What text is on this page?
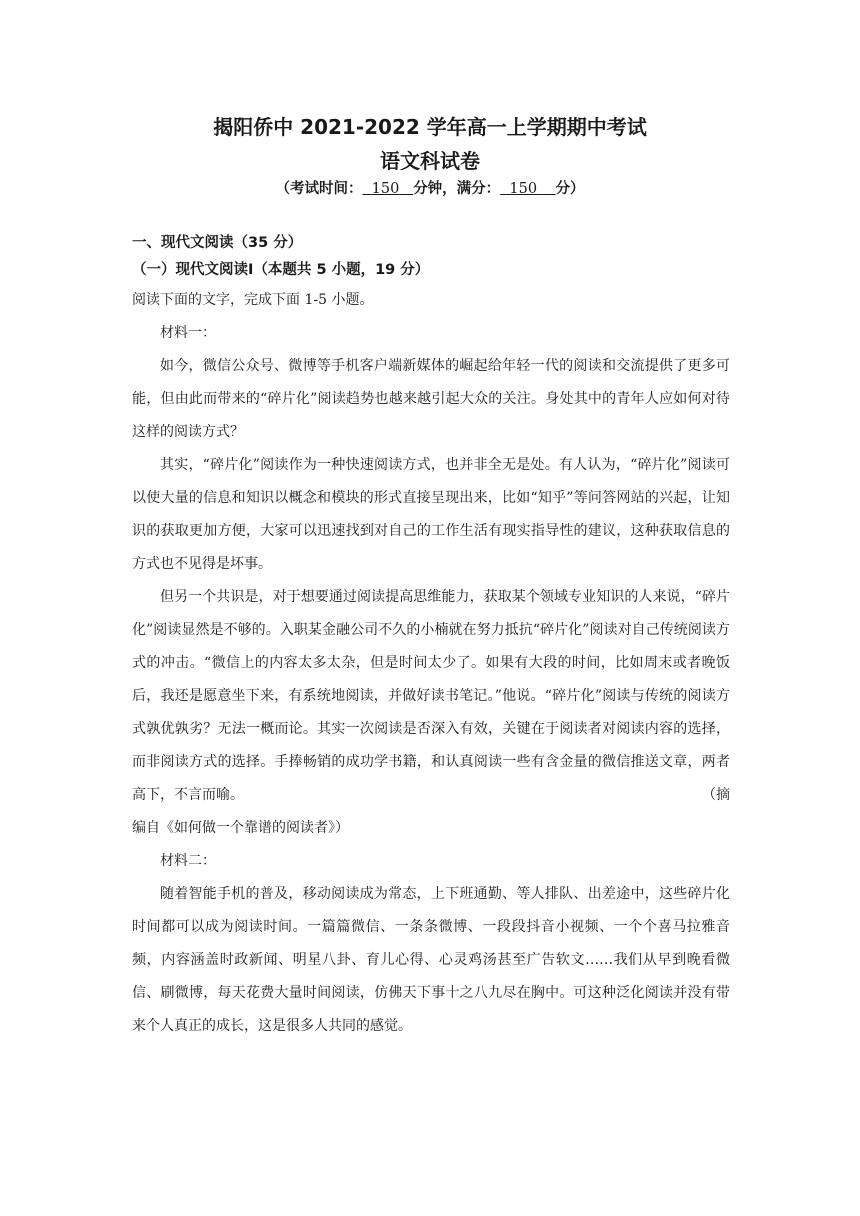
揭阳侨中 2021-2022 学年高一上学期期中考试
语文科试卷
（考试时间： 150 分钟，满分： 150 分）

一、现代文阅读（35 分）

（一）现代文阅读Ⅰ（本题共 5 小题，19 分）

阅读下面的文字，完成下面 1-5 小题。

材料一：

如今，微信公众号、微博等手机客户端新媒体的崛起给年轻一代的阅读和交流提供了更多可能，但由此而带来的“碎片化”阅读趋势也越来越引起大众的关注。身处其中的青年人应如何对待这样的阅读方式？

其实，“碎片化”阅读作为一种快速阅读方式，也并非全无是处。有人认为，“碎片化”阅读可以使大量的信息和知识以概念和模块的形式直接呈现出来，比如“知乎”等问答网站的兴起，让知识的获取更加方便，大家可以迅速找到对自己的工作生活有现实指导性的建议，这种获取信息的方式也不见得是坏事。

但另一个共识是，对于想要通过阅读提高思维能力，获取某个领域专业知识的人来说，“碎片化”阅读显然是不够的。入职某金融公司不久的小楠就在努力抵抗“碎片化”阅读对自己传统阅读方式的冲击。“微信上的内容太多太杂，但是时间太少了。如果有大段的时间，比如周末或者晚饭后，我还是愿意坐下来，有系统地阅读，并做好读书笔记。”他说。“碎片化”阅读与传统的阅读方式孰优孰劣？无法一概而论。其实一次阅读是否深入有效，关键在于阅读者对阅读内容的选择，而非阅读方式的选择。手捧畅销的成功学书籍，和认真阅读一些有含金量的微信推送文章，两者高下，不言而喻。	（摘

编自《如何做一个靠谱的阅读者》）

材料二：

随着智能手机的普及，移动阅读成为常态，上下班通勤、等人排队、出差途中，这些碎片化时间都可以成为阅读时间。一篇篇微信、一条条微博、一段段抖音小视频、一个个喜马拉雅音频，内容涵盖时政新闻、明星八卦、育儿心得、心灵鸡汤甚至广告软文……我们从早到晚看微信、刷微博，每天花费大量时间阅读，仿佛天下事十之八九尽在胸中。可这种泛化阅读并没有带来个人真正的成长，这是很多人共同的感觉。
